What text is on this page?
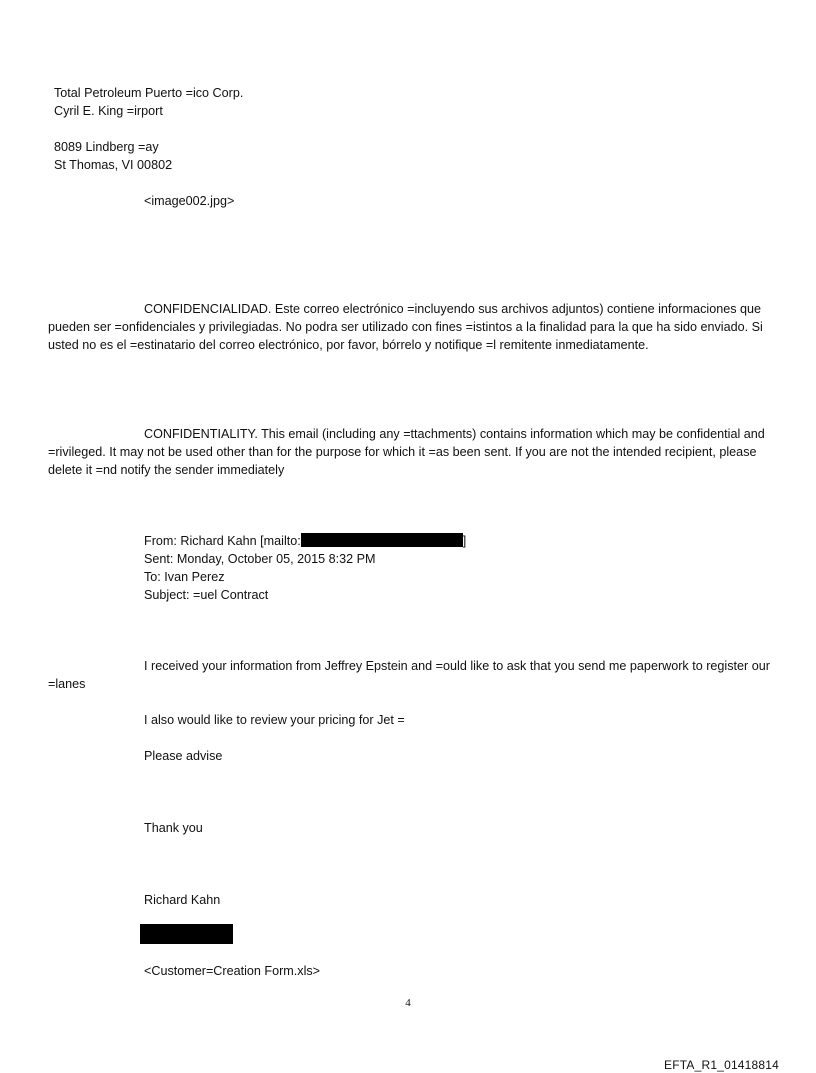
Total Petroleum Puerto =ico Corp.
Cyril E. King =irport
8089 Lindberg =ay
St Thomas, VI 00802
<image002.jpg>
CONFIDENCIALIDAD. Este correo electrónico =incluyendo sus archivos adjuntos) contiene informaciones que pueden ser =onfidenciales y privilegiadas. No podra ser utilizado con fines =istintos a la finalidad para la que ha sido enviado. Si usted no es el =estinatario del correo electrónico, por favor, bórrelo y notifique =l remitente inmediatamente.
CONFIDENTIALITY. This email (including any =ttachments) contains information which may be confidential and =rivileged. It may not be used other than for the purpose for which it =as been sent. If you are not the intended recipient, please delete it =nd notify the sender immediately
From: Richard Kahn [mailto:	]
Sent: Monday, October 05, 2015 8:32 PM
To: Ivan Perez
Subject: =uel Contract
I received your information from Jeffrey Epstein and =ould like to ask that you send me paperwork to register our =lanes
I also would like to review your pricing for Jet =
Please advise
Thank you
Richard Kahn
<Customer=Creation Form.xls>
4
EFTA_R1_01418814
